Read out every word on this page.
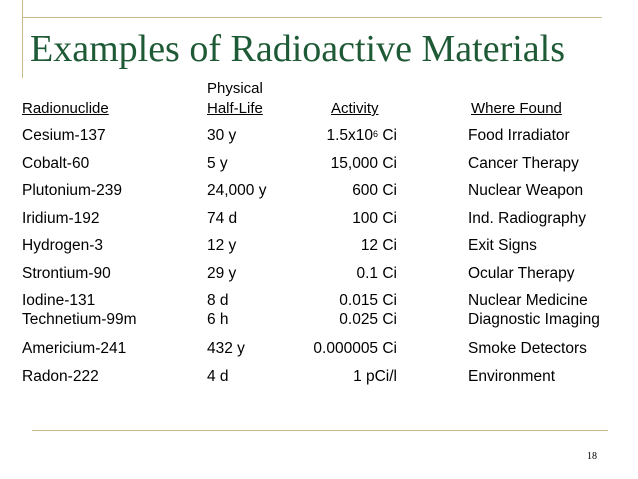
Examples of Radioactive Materials
Physical
Radionuclide	Half-Life	Activity	Where Found
Cesium-137	30 y	$1.5x10^6$ Ci	Food Irradiator
Cobalt-60	5 y	15,000 Ci	Cancer Therapy
Plutonium-239	24,000 y	600 Ci	Nuclear Weapon
Iridium-192	74 d	100 Ci	Ind. Radiography
Hydrogen-3	12 y	12 Ci	Exit Signs
Strontium-90	29 y	0.1 Ci	Ocular Therapy
Iodine-131	8 d	0.015 Ci	Nuclear Medicine
Technetium-99m	6 h	0.025 Ci	Diagnostic Imaging
Americium-241	432 y	0.000005 Ci	Smoke Detectors
Radon-222	4 d	1 pCi/l	Environment
18
